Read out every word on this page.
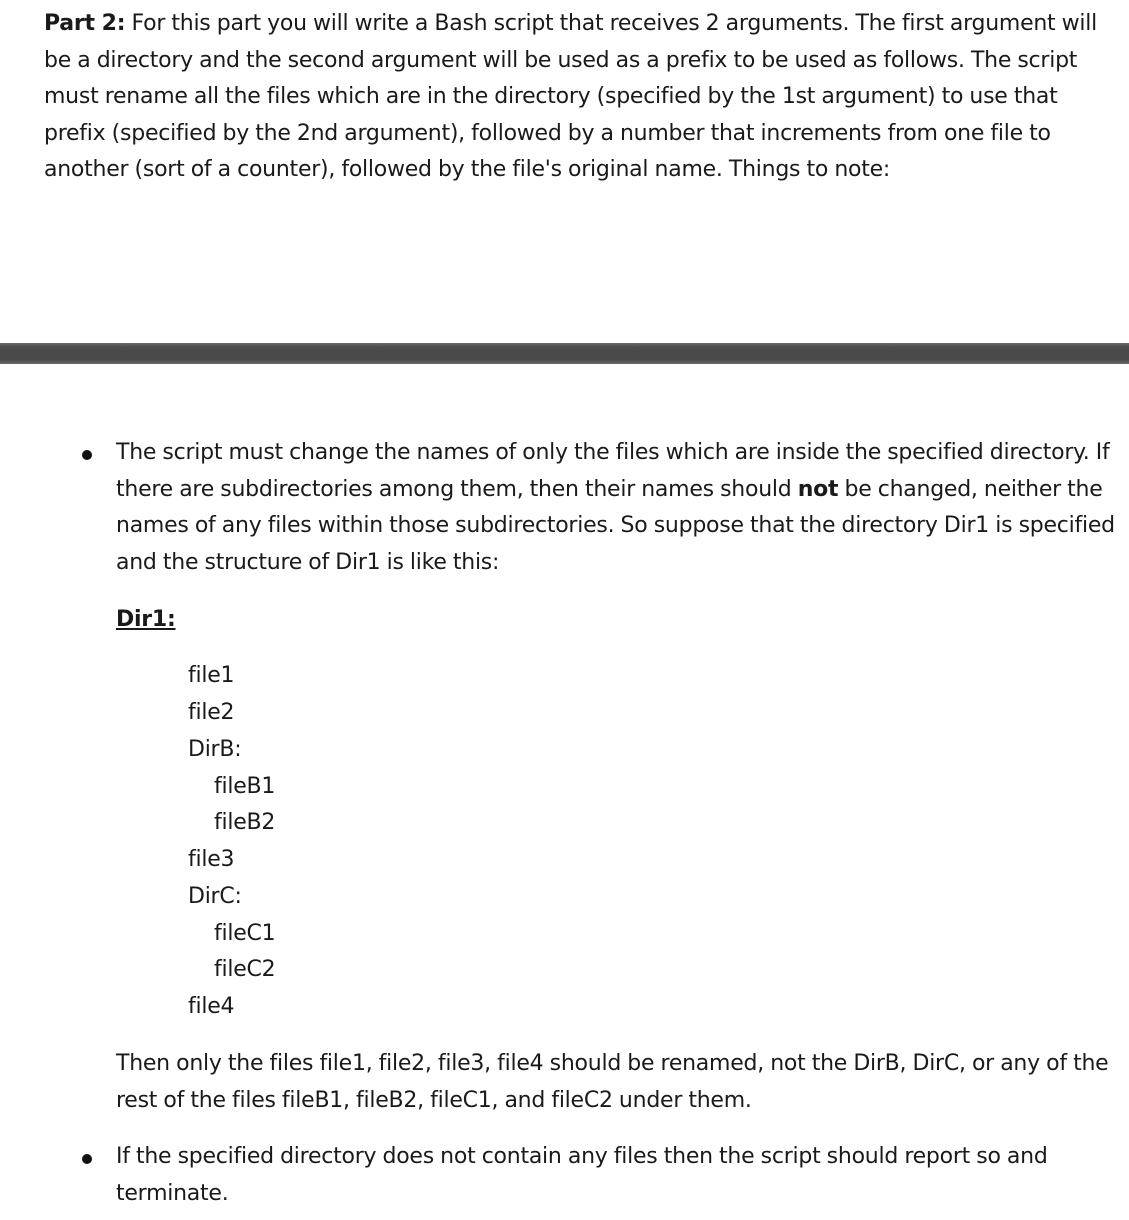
Part 2: For this part you will write a Bash script that receives 2 arguments. The first argument will be a directory and the second argument will be used as a prefix to be used as follows. The script must rename all the files which are in the directory (specified by the 1st argument) to use that prefix (specified by the 2nd argument), followed by a number that increments from one file to another (sort of a counter), followed by the file's original name. Things to note:

The script must change the names of only the files which are inside the specified directory. If there are subdirectories among them, then their names should not be changed, neither the names of any files within those subdirectories. So suppose that the directory Dir1 is specified and the structure of Dir1 is like this:

Dir1:
file1
file2
DirB:
fileB1
fileB2
file3
DirC:
fileC1
fileC2
file4

Then only the files file1, file2, file3, file4 should be renamed, not the DirB, DirC, or any of the rest of the files fileB1, fileB2, fileC1, and fileC2 under them.

If the specified directory does not contain any files then the script should report so and terminate.
